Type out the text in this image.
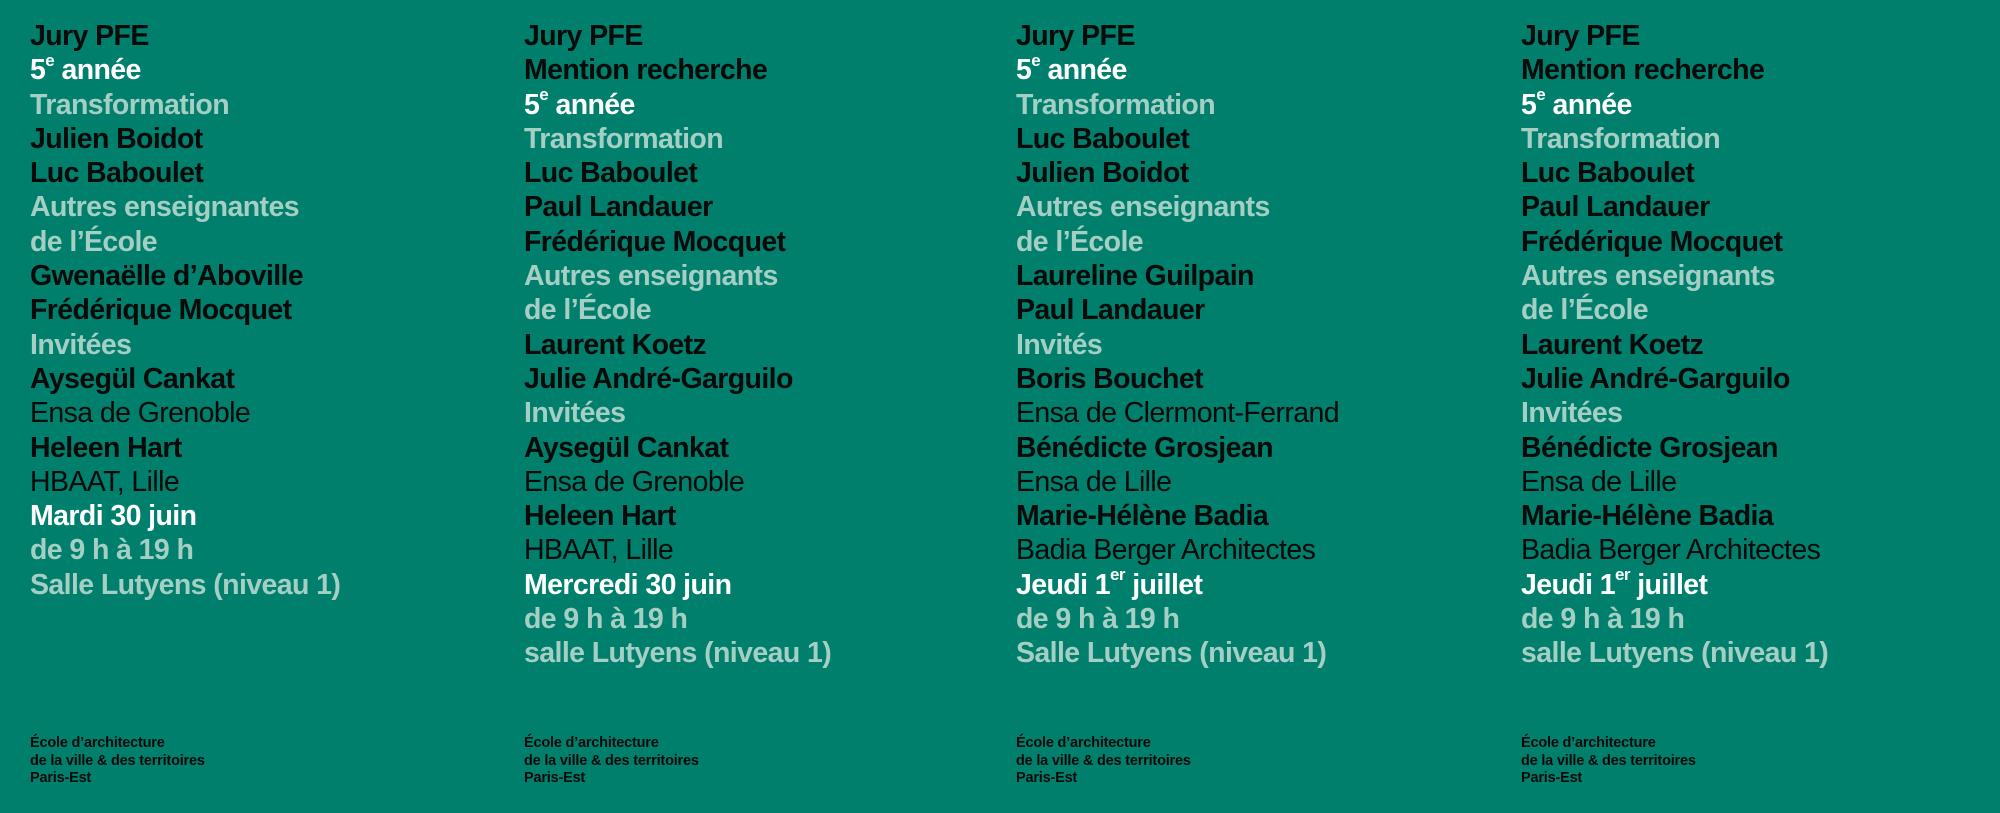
Jury PFE
5e année
Transformation
Julien Boidot
Luc Baboulet
Autres enseignantes
de l’École
Gwenaëlle d’Aboville
Frédérique Mocquet
Invitées
Aysegül Cankat
Ensa de Grenoble
Heleen Hart
HBAAT, Lille
Mardi 30 juin
de 9 h à 19 h
Salle Lutyens (niveau 1)
École d’architecture
de la ville & des territoires
Paris-Est
Jury PFE
Mention recherche
5e année
Transformation
Luc Baboulet
Paul Landauer
Frédérique Mocquet
Autres enseignants
de l’École
Laurent Koetz
Julie André-Garguilo
Invitées
Aysegül Cankat
Ensa de Grenoble
Heleen Hart
HBAAT, Lille
Mercredi 30 juin
de 9 h à 19 h
salle Lutyens (niveau 1)
École d’architecture
de la ville & des territoires
Paris-Est
Jury PFE
5e année
Transformation
Luc Baboulet
Julien Boidot
Autres enseignants
de l’École
Laureline Guilpain
Paul Landauer
Invités
Boris Bouchet
Ensa de Clermont-Ferrand
Bénédicte Grosjean
Ensa de Lille
Marie-Hélène Badia
Badia Berger Architectes
Jeudi 1er juillet
de 9 h à 19 h
Salle Lutyens (niveau 1)
École d’architecture
de la ville & des territoires
Paris-Est
Jury PFE
Mention recherche
5e année
Transformation
Luc Baboulet
Paul Landauer
Frédérique Mocquet
Autres enseignants
de l’École
Laurent Koetz
Julie André-Garguilo
Invitées
Bénédicte Grosjean
Ensa de Lille
Marie-Hélène Badia
Badia Berger Architectes
Jeudi 1er juillet
de 9 h à 19 h
salle Lutyens (niveau 1)
École d’architecture
de la ville & des territoires
Paris-Est
